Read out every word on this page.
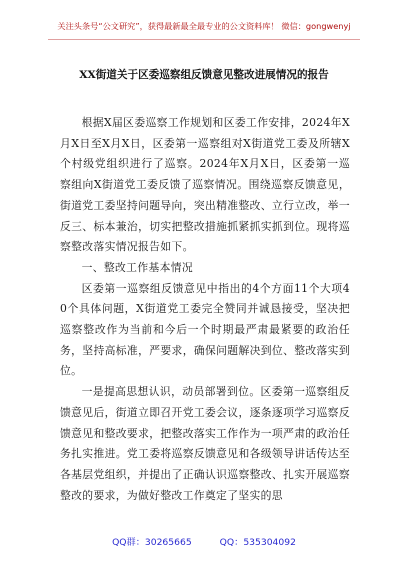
关注头条号“公文研究”，获得最新最全最专业的公文资料库！ 微信：gongwenyj
XX街道关于区委巡察组反馈意见整改进展情况的报告

根据X届区委巡察工作规划和区委工作安排，2024年X月X日至X月X日，区委第一巡察组对X街道党工委及所辖X个村级党组织进行了巡察。2024年X月X日，区委第一巡察组向X街道党工委反馈了巡察情况。围绕巡察反馈意见，街道党工委坚持问题导向，突出精准整改、立行立改，举一反三、标本兼治，切实把整改措施抓紧抓实抓到位。现将巡察整改落实情况报告如下。

一、整改工作基本情况

区委第一巡察组反馈意见中指出的4个方面11个大项40个具体问题，X街道党工委完全赞同并诚恳接受，坚决把巡察整改作为当前和今后一个时期最严肃最紧要的政治任务，坚持高标准，严要求，确保问题解决到位、整改落实到位。

一是提高思想认识，动员部署到位。区委第一巡察组反馈意见后，街道立即召开党工委会议，逐条逐项学习巡察反馈意见和整改要求，把整改落实工作作为一项严肃的政治任务扎实推进。党工委将巡察反馈意见和各级领导讲话传达至各基层党组织，并提出了正确认识巡察整改、扎实开展巡察整改的要求，为做好整改工作奠定了坚实的思

QQ群：30265665	QQ：535304092
